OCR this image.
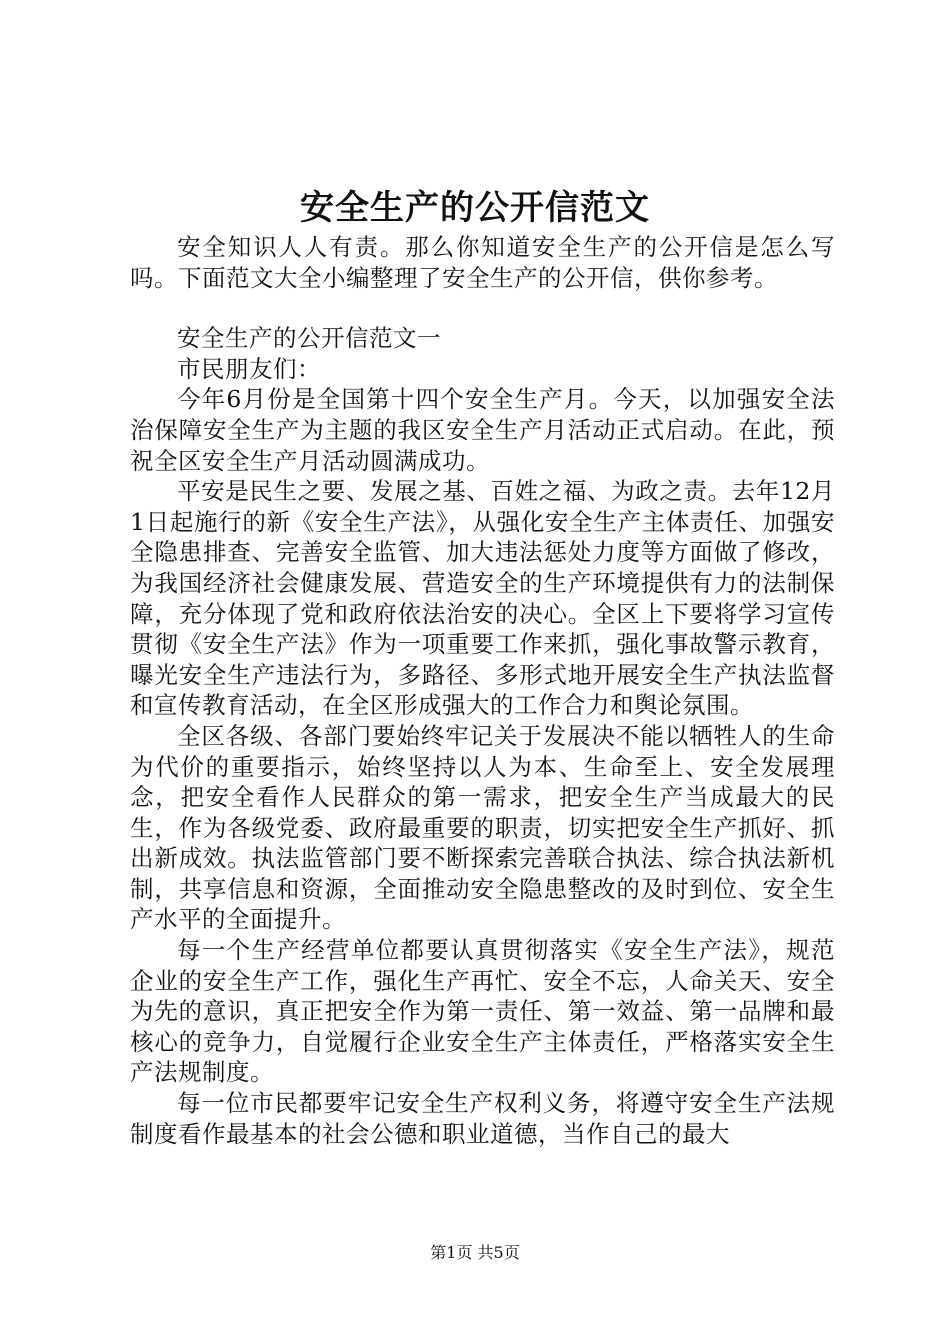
安全生产的公开信范文

安全知识人人有责。那么你知道安全生产的公开信是怎么写吗。下面范文大全小编整理了安全生产的公开信，供你参考。

安全生产的公开信范文一

市民朋友们：

今年6月份是全国第十四个安全生产月。今天，以加强安全法治保障安全生产为主题的我区安全生产月活动正式启动。在此，预祝全区安全生产月活动圆满成功。

平安是民生之要、发展之基、百姓之福、为政之责。去年12月1日起施行的新《安全生产法》，从强化安全生产主体责任、加强安全隐患排查、完善安全监管、加大违法惩处力度等方面做了修改，为我国经济社会健康发展、营造安全的生产环境提供有力的法制保障，充分体现了党和政府依法治安的决心。全区上下要将学习宣传贯彻《安全生产法》作为一项重要工作来抓，强化事故警示教育，曝光安全生产违法行为，多路径、多形式地开展安全生产执法监督和宣传教育活动，在全区形成强大的工作合力和舆论氛围。

全区各级、各部门要始终牢记关于发展决不能以牺牲人的生命为代价的重要指示，始终坚持以人为本、生命至上、安全发展理念，把安全看作人民群众的第一需求，把安全生产当成最大的民生，作为各级党委、政府最重要的职责，切实把安全生产抓好、抓出新成效。执法监管部门要不断探索完善联合执法、综合执法新机制，共享信息和资源，全面推动安全隐患整改的及时到位、安全生产水平的全面提升。

每一个生产经营单位都要认真贯彻落实《安全生产法》，规范企业的安全生产工作，强化生产再忙、安全不忘，人命关天、安全为先的意识，真正把安全作为第一责任、第一效益、第一品牌和最核心的竞争力，自觉履行企业安全生产主体责任，严格落实安全生产法规制度。

每一位市民都要牢记安全生产权利义务，将遵守安全生产法规制度看作最基本的社会公德和职业道德，当作自己的最大

第1页 共5页
